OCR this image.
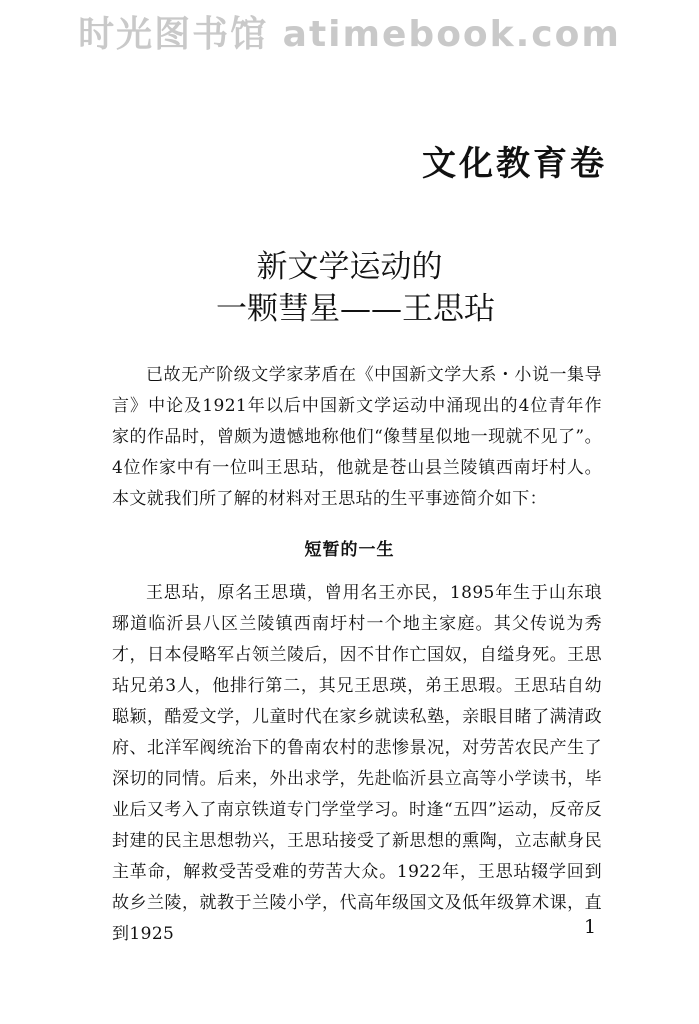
时光图书馆 atimebook.com
文化教育卷
新文学运动的
一颗彗星——王思玷

已故无产阶级文学家茅盾在《中国新文学大系・小说一集导言》中论及1921年以后中国新文学运动中涌现出的4位青年作家的作品时，曾颇为遗憾地称他们“像彗星似地一现就不见了”。4位作家中有一位叫王思玷，他就是苍山县兰陵镇西南圩村人。本文就我们所了解的材料对王思玷的生平事迹简介如下：

短暂的一生

王思玷，原名王思璜，曾用名王亦民，1895年生于山东琅琊道临沂县八区兰陵镇西南圩村一个地主家庭。其父传说为秀才，日本侵略军占领兰陵后，因不甘作亡国奴，自缢身死。王思玷兄弟3人，他排行第二，其兄王思瑛，弟王思瑕。王思玷自幼聪颖，酷爱文学，儿童时代在家乡就读私塾，亲眼目睹了满清政府、北洋军阀统治下的鲁南农村的悲惨景况，对劳苦农民产生了深切的同情。后来，外出求学，先赴临沂县立高等小学读书，毕业后又考入了南京铁道专门学堂学习。时逢“五四”运动，反帝反封建的民主思想勃兴，王思玷接受了新思想的熏陶，立志献身民主革命，解救受苦受难的劳苦大众。1922年，王思玷辍学回到故乡兰陵，就教于兰陵小学，代高年级国文及低年级算术课，直到1925	1
